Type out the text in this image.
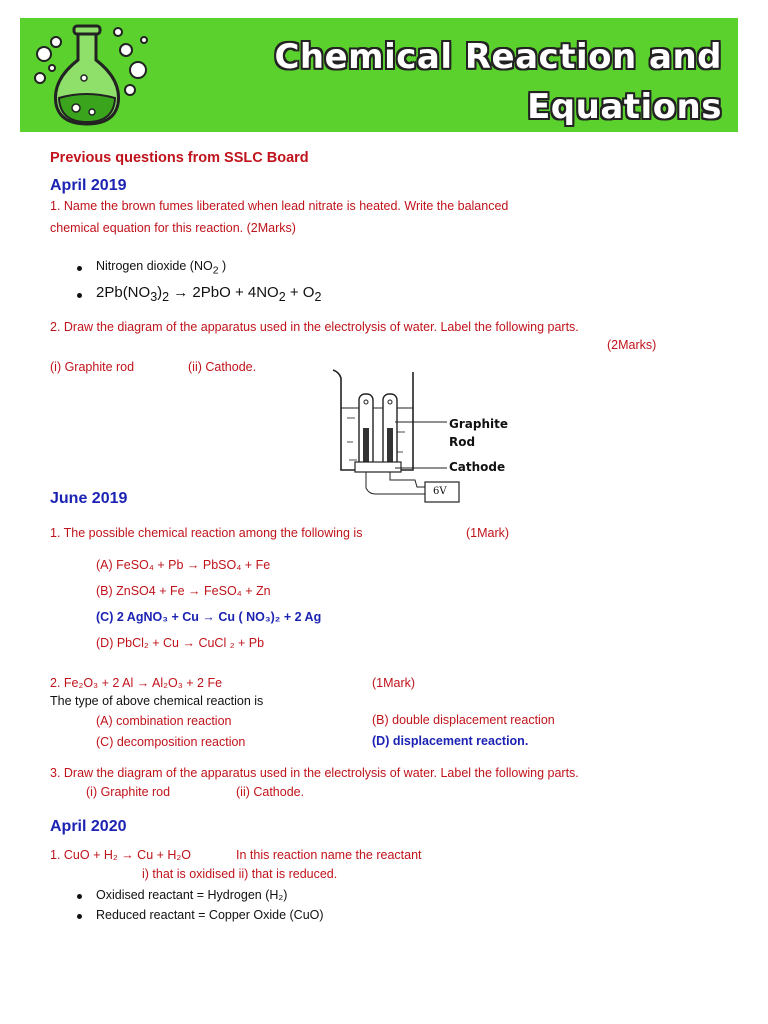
Chemical Reaction and
Equations
Previous questions from SSLC Board
April 2019
1. Name the brown fumes liberated when lead nitrate is heated. Write the balanced
chemical equation for this reaction. (2Marks)
Nitrogen dioxide ($NO_2$ )
$2Pb(NO_3)_2 \to 2PbO + 4NO_2 + O_2$
2. Draw the diagram of the apparatus used in the electrolysis of water. Label the following parts.
(2Marks)
(i) Graphite rod	(ii) Cathode.
Graphite
Rod
Cathode
6V
June 2019
1. The possible chemical reaction among the following is	(1Mark)
(A) FeSO₄ + Pb → PbSO₄ + Fe
(B) ZnSO4 + Fe → FeSO₄ + Zn
(C) 2 AgNO₃ + Cu → Cu ( NO₃)₂ + 2 Ag
(D) PbCl₂ + Cu → CuCl ₂ + Pb
2. Fe₂O₃ + 2 Al → Al₂O₃ + 2 Fe	(1Mark)
The type of above chemical reaction is
(A) combination reaction	(B) double displacement reaction
(C) decomposition reaction	(D) displacement reaction.
3. Draw the diagram of the apparatus used in the electrolysis of water. Label the following parts.
(i) Graphite rod	(ii) Cathode.
April 2020
1. CuO + H₂ → Cu + H₂O	In this reaction name the reactant
i) that is oxidised ii) that is reduced.
Oxidised reactant = Hydrogen (H₂)
Reduced reactant = Copper Oxide (CuO)
